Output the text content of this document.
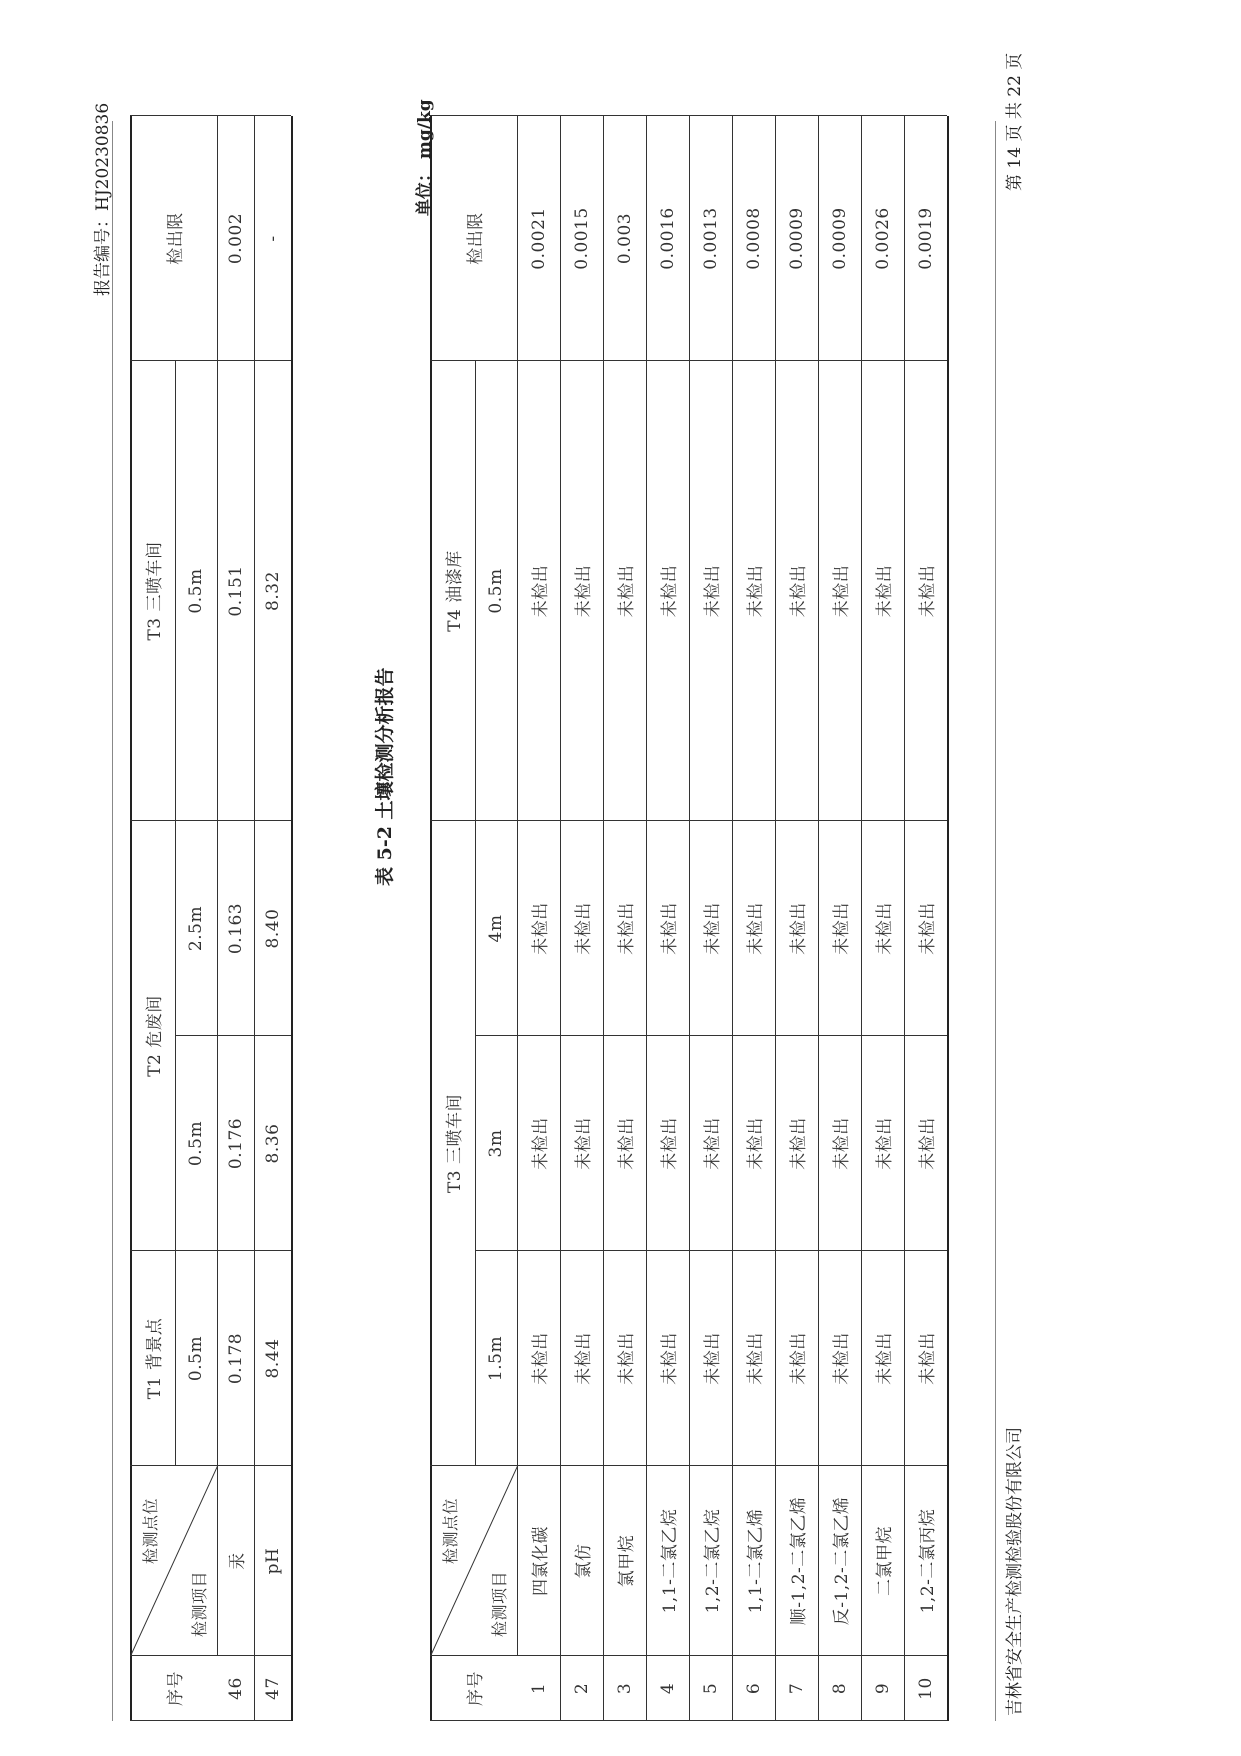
报告编号：HJ20230836
序号
检测点位
检测项目
T1 背景点
T2 危废间
T3 三喷车间
0.5m
0.5m
2.5m
0.5m
检出限
46
汞
0.178
0.176
0.163
0.151
0.002
47
pH
8.44
8.36
8.40
8.32
-
表 5-2 土壤检测分析报告
单位： mg/kg
序号
检测点位
检测项目
T3 三喷车间
T4 油漆库
1.5m
3m
4m
0.5m
检出限
1
四氯化碳
未检出
未检出
未检出
未检出
0.0021
2
氯仿
未检出
未检出
未检出
未检出
0.0015
3
氯甲烷
未检出
未检出
未检出
未检出
0.003
4
1,1-二氯乙烷
未检出
未检出
未检出
未检出
0.0016
5
1,2-二氯乙烷
未检出
未检出
未检出
未检出
0.0013
6
1,1-二氯乙烯
未检出
未检出
未检出
未检出
0.0008
7
顺-1,2-二氯乙烯
未检出
未检出
未检出
未检出
0.0009
8
反-1,2-二氯乙烯
未检出
未检出
未检出
未检出
0.0009
9
二氯甲烷
未检出
未检出
未检出
未检出
0.0026
10
1,2-二氯丙烷
未检出
未检出
未检出
未检出
0.0019
吉林省安全生产检测检验股份有限公司
第 14 页 共 22 页
